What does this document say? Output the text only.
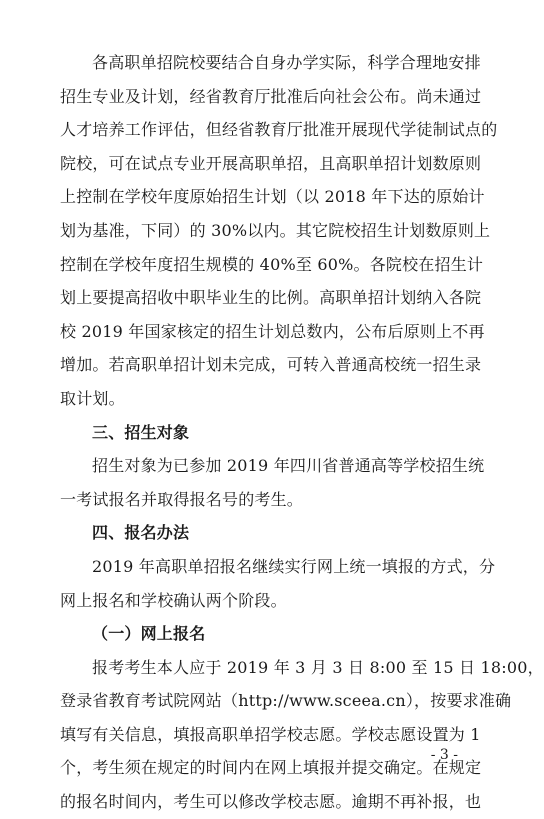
各高职单招院校要结合自身办学实际，科学合理地安排
招生专业及计划，经省教育厅批准后向社会公布。尚未通过
人才培养工作评估，但经省教育厅批准开展现代学徒制试点的
院校，可在试点专业开展高职单招，且高职单招计划数原则
上控制在学校年度原始招生计划（以 2018 年下达的原始计
划为基准，下同）的 30%以内。其它院校招生计划数原则上
控制在学校年度招生规模的 40%至 60%。各院校在招生计
划上要提高招收中职毕业生的比例。高职单招计划纳入各院
校 2019 年国家核定的招生计划总数内，公布后原则上不再
增加。若高职单招计划未完成，可转入普通高校统一招生录
取计划。
三、招生对象
招生对象为已参加 2019 年四川省普通高等学校招生统
一考试报名并取得报名号的考生。
四、报名办法
2019 年高职单招报名继续实行网上统一填报的方式，分
网上报名和学校确认两个阶段。
（一）网上报名
报考考生本人应于 2019 年 3 月 3 日 8:00 至 15 日 18:00，
登录省教育考试院网站（http://www.sceea.cn），按要求准确
填写有关信息，填报高职单招学校志愿。学校志愿设置为 1
个，考生须在规定的时间内在网上填报并提交确定。在规定
的报名时间内，考生可以修改学校志愿。逾期不再补报，也
- 3 -
